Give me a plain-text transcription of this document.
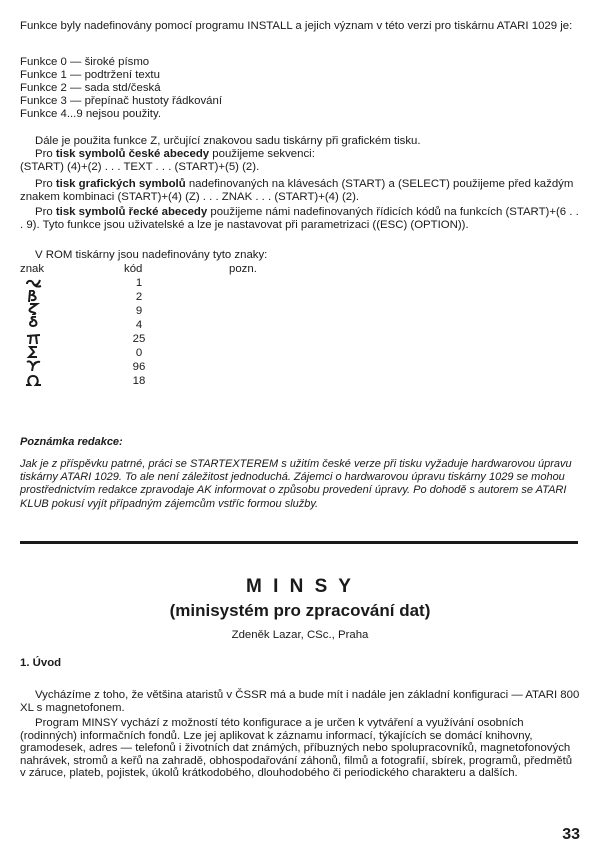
Funkce byly nadefinovány pomocí programu INSTALL a jejich význam v této verzi pro tiskárnu ATARI 1029 je:

Funkce 0 — široké písmo
Funkce 1 — podtržení textu
Funkce 2 — sada std/česká
Funkce 3 — přepínač hustoty řádkování
Funkce 4...9 nejsou použity.

Dále je použita funkce Z, určující znakovou sadu tiskárny při grafickém tisku.

Pro tisk symbolů české abecedy použijeme sekvenci:

(START) (4)+(2) . . . TEXT . . . (START)+(5) (2).

Pro tisk grafických symbolů nadefinovaných na klávesách (START) a (SELECT) použijeme před každým znakem kombinaci (START)+(4) (Z) . . . ZNAK . . . (START)+(4) (2).

Pro tisk symbolů řecké abecedy použijeme námi nadefinovaných řídicích kódů na funkcích (START)+(6 . . . 9). Tyto funkce jsou uživatelské a lze je nastavovat při parametrizaci ((ESC) (OPTION)).

V ROM tiskárny jsou nadefinovány tyto znaky:

znak	kód	pozn.
1
2
9
4
25
0
96
18
Poznámka redakce:

Jak je z příspěvku patrné, práci se STARTEXTEREM s užitím české verze při tisku vyžaduje hardwarovou úpravu tiskárny ATARI 1029. To ale není záležitost jednoduchá. Zájemci o hardwarovou úpravu tiskárny 1029 se mohou prostřednictvím redakce zpravodaje AK informovat o způsobu provedení úpravy. Po dohodě s autorem se ATARI KLUB pokusí vyjít případným zájemcům vstříc formou služby.

M I N S Y
(minisystém pro zpracování dat)
Zdeněk Lazar, CSc., Praha
1. Úvod

Vycházíme z toho, že většina ataristů v ČSSR má a bude mít i nadále jen základní konfiguraci — ATARI 800 XL s magnetofonem.

Program MINSY vychází z možností této konfigurace a je určen k vytváření a využívání osobních (rodinných) informačních fondů. Lze jej aplikovat k záznamu informací, týkajících se domácí knihovny, gramodesek, adres — telefonů i životních dat známých, příbuzných nebo spolupracovníků, magnetofonových nahrávek, stromů a keřů na zahradě, obhospodařování záhonů, filmů a fotografií, sbírek, programů, předmětů v záruce, plateb, pojistek, úkolů krátkodobého, dlouhodobého či periodického charakteru a dalších.

33
